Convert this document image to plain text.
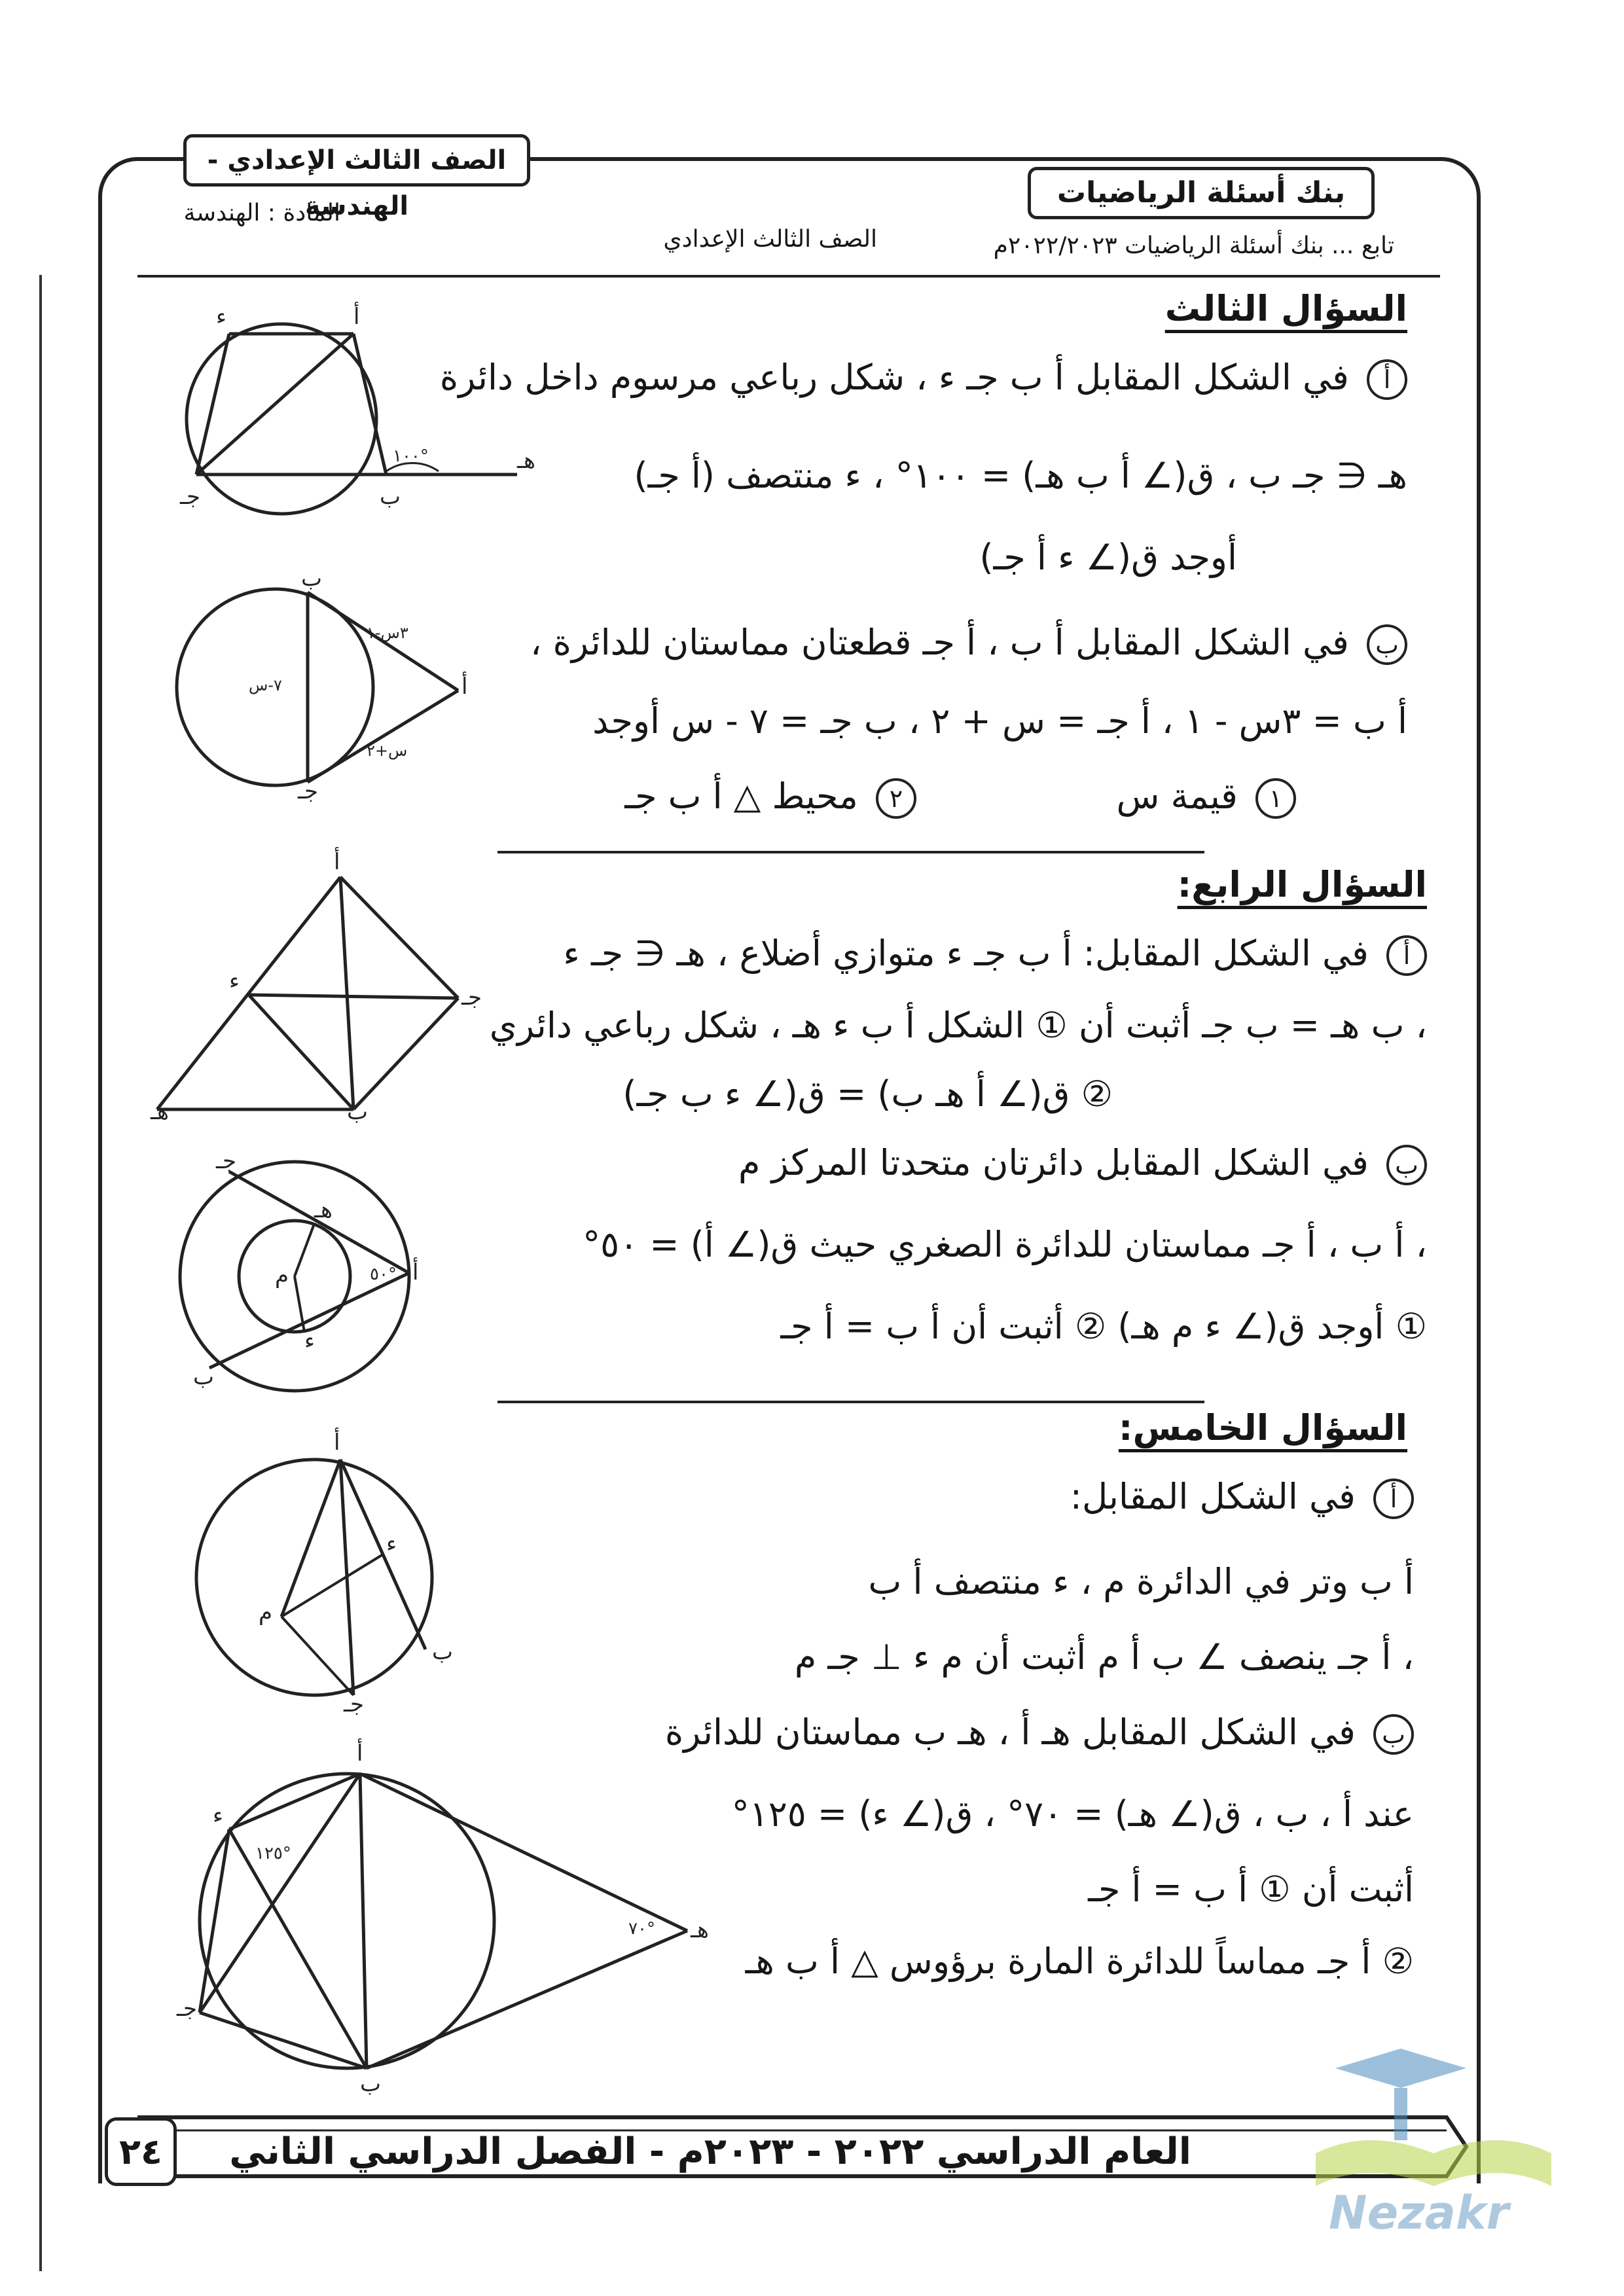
الصف الثالث الإعدادي - الهندسة
المادة : الهندسة
بنك أسئلة الرياضيات
تابع ... بنك أسئلة الرياضيات ٢٠٢٢/٢٠٢٣م
الصف الثالث الإعدادي
السؤال الثالث
أ في الشكل المقابل أ ب جـ ء ، شكل رباعي مرسوم داخل دائرة
هـ ∈ جـ ب ، ق(∠ أ ب هـ) = ١٠٠° ، ء منتصف (أ جـ)
أوجد ق(∠ ء أ جـ)
ب في الشكل المقابل أ ب ، أ جـ قطعتان مماستان للدائرة ،
أ ب = ٣س - ١ ، أ جـ = س + ٢ ، ب جـ = ٧ - س أوجد
١ قيمة س
٢ محيط △ أ ب جـ
السؤال الرابع:
أ في الشكل المقابل: أ ب جـ ء متوازي أضلاع ، هـ ∈ جـ ء
، ب هـ = ب جـ أثبت أن ① الشكل أ ب ء هـ ، شكل رباعي دائري
② ق(∠ أ هـ ب) = ق(∠ ء ب جـ)
ب في الشكل المقابل دائرتان متحدتا المركز م
، أ ب ، أ جـ مماستان للدائرة الصغري حيث ق(∠ أ) = ٥٠°
① أوجد ق(∠ ء م هـ) ② أثبت أن أ ب = أ جـ
السؤال الخامس:
أ في الشكل المقابل:
أ ب وتر في الدائرة م ، ء منتصف أ ب
، أ جـ ينصف ∠ ب أ م أثبت أن م ء ⊥ جـ م
ب في الشكل المقابل هـ أ ، هـ ب مماستان للدائرة
عند أ ، ب ، ق(∠ هـ) = ٧٠° ، ق(∠ ء) = ١٢٥°
أثبت أن ① أ ب = أ جـ
② أ جـ مماساً للدائرة المارة برؤوس △ أ ب هـ
أ
ب
جـ
ء
هـ
١٠٠°
أ
ب
جـ
٣س-١
س+٢
٧-س
أ
ب
جـ
ء
هـ
أ
ب
جـ
ء
هـ
م	٥٠°
أ
ب
جـ
ء
م
أ
ب
جـ
ء
هـ
١٢٥°
٧٠°
٢٤	العام الدراسي ٢٠٢٢ - ٢٠٢٣م - الفصل الدراسي الثاني
Nezakr
